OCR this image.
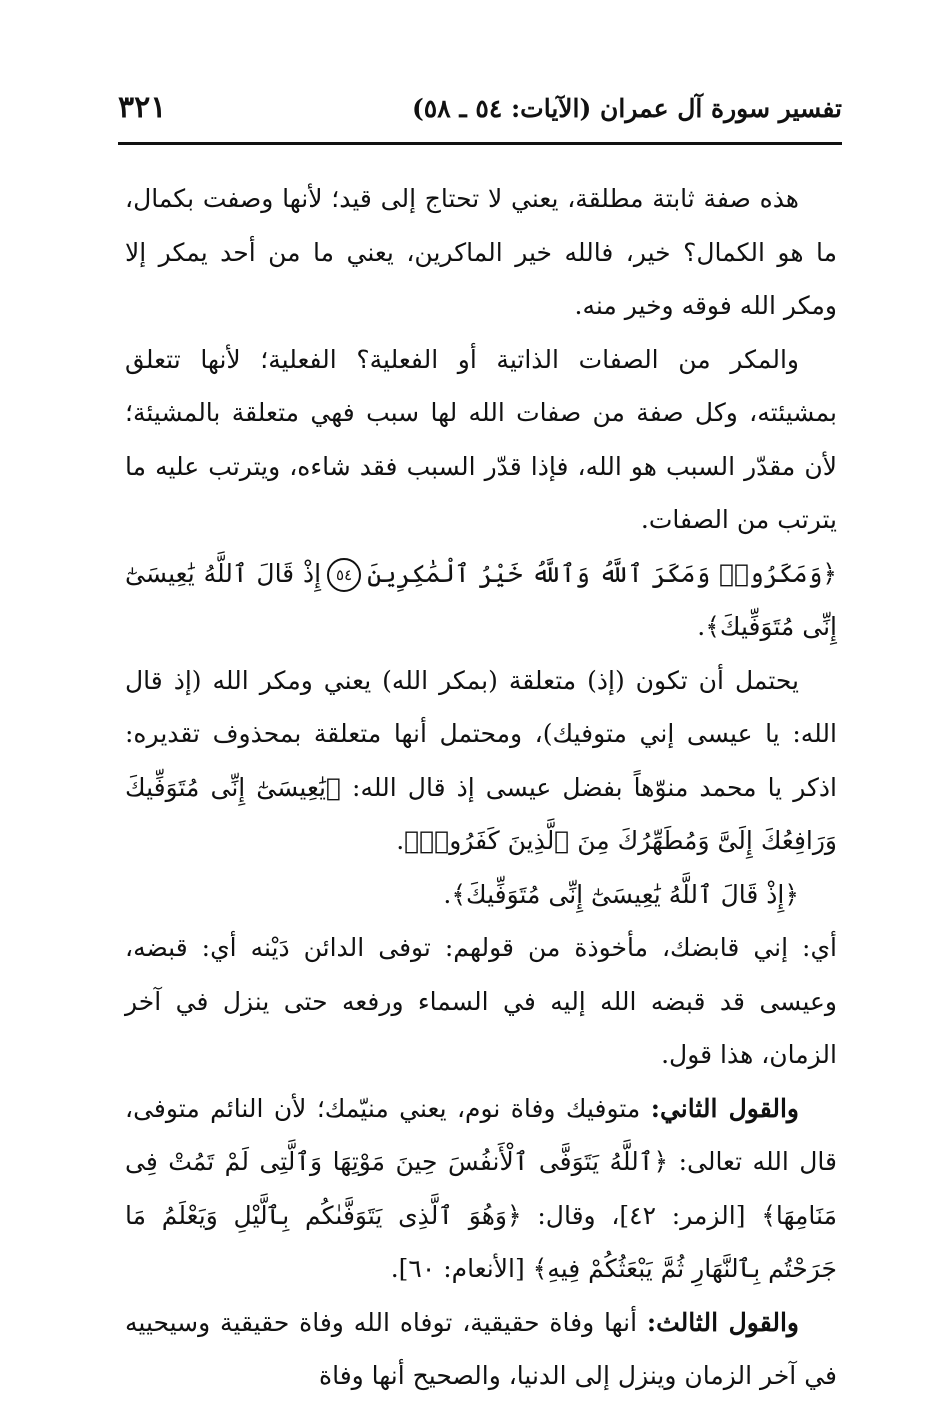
تفسير سورة آل عمران (الآيات: ٥٤ ـ ٥٨)
٣٢١

هذه صفة ثابتة مطلقة، يعني لا تحتاج إلى قيد؛ لأنها وصفت بكمال، ما هو الكمال؟ خير، فالله خير الماكرين، يعني ما من أحد يمكر إلا ومكر الله فوقه وخير منه.

والمكر من الصفات الذاتية أو الفعلية؟ الفعلية؛ لأنها تتعلق بمشيئته، وكل صفة من صفات الله لها سبب فهي متعلقة بالمشيئة؛ لأن مقدّر السبب هو الله، فإذا قدّر السبب فقد شاءه، ويترتب عليه ما يترتب من الصفات.

﴿وَمَكَرُوا۟ وَمَكَرَ ٱللَّهُ وَٱللَّهُ خَيْرُ ٱلْمَٰكِرِينَ٥٤إِذْ قَالَ ٱللَّهُ يَٰعِيسَىٰٓ إِنِّى مُتَوَفِّيكَ﴾.

يحتمل أن تكون (إذ) متعلقة (بمكر الله) يعني ومكر الله (إذ قال الله: يا عيسى إني متوفيك)، ومحتمل أنها متعلقة بمحذوف تقديره: اذكر يا محمد منوّهاً بفضل عيسى إذ قال الله: ﴿يَٰعِيسَىٰٓ إِنِّى مُتَوَفِّيكَ وَرَافِعُكَ إِلَىَّ وَمُطَهِّرُكَ مِنَ ٱلَّذِينَ كَفَرُوا۟﴾.

﴿إِذْ قَالَ ٱللَّهُ يَٰعِيسَىٰٓ إِنِّى مُتَوَفِّيكَ﴾.

أي: إني قابضك، مأخوذة من قولهم: توفى الدائن دَيْنه أي: قبضه، وعيسى قد قبضه الله إليه في السماء ورفعه حتى ينزل في آخر الزمان، هذا قول.

والقول الثاني: متوفيك وفاة نوم، يعني منيّمك؛ لأن النائم متوفى، قال الله تعالى: ﴿ٱللَّهُ يَتَوَفَّى ٱلْأَنفُسَ حِينَ مَوْتِهَا وَٱلَّتِى لَمْ تَمُتْ فِى مَنَامِهَا﴾ [الزمر: ٤٢]، وقال: ﴿وَهُوَ ٱلَّذِى يَتَوَفَّىٰكُم بِٱلَّيْلِ وَيَعْلَمُ مَا جَرَحْتُم بِٱلنَّهَارِ ثُمَّ يَبْعَثُكُمْ فِيهِ﴾ [الأنعام: ٦٠].

والقول الثالث: أنها وفاة حقيقية، توفاه الله وفاة حقيقية وسيحييه في آخر الزمان وينزل إلى الدنيا، والصحيح أنها وفاة
